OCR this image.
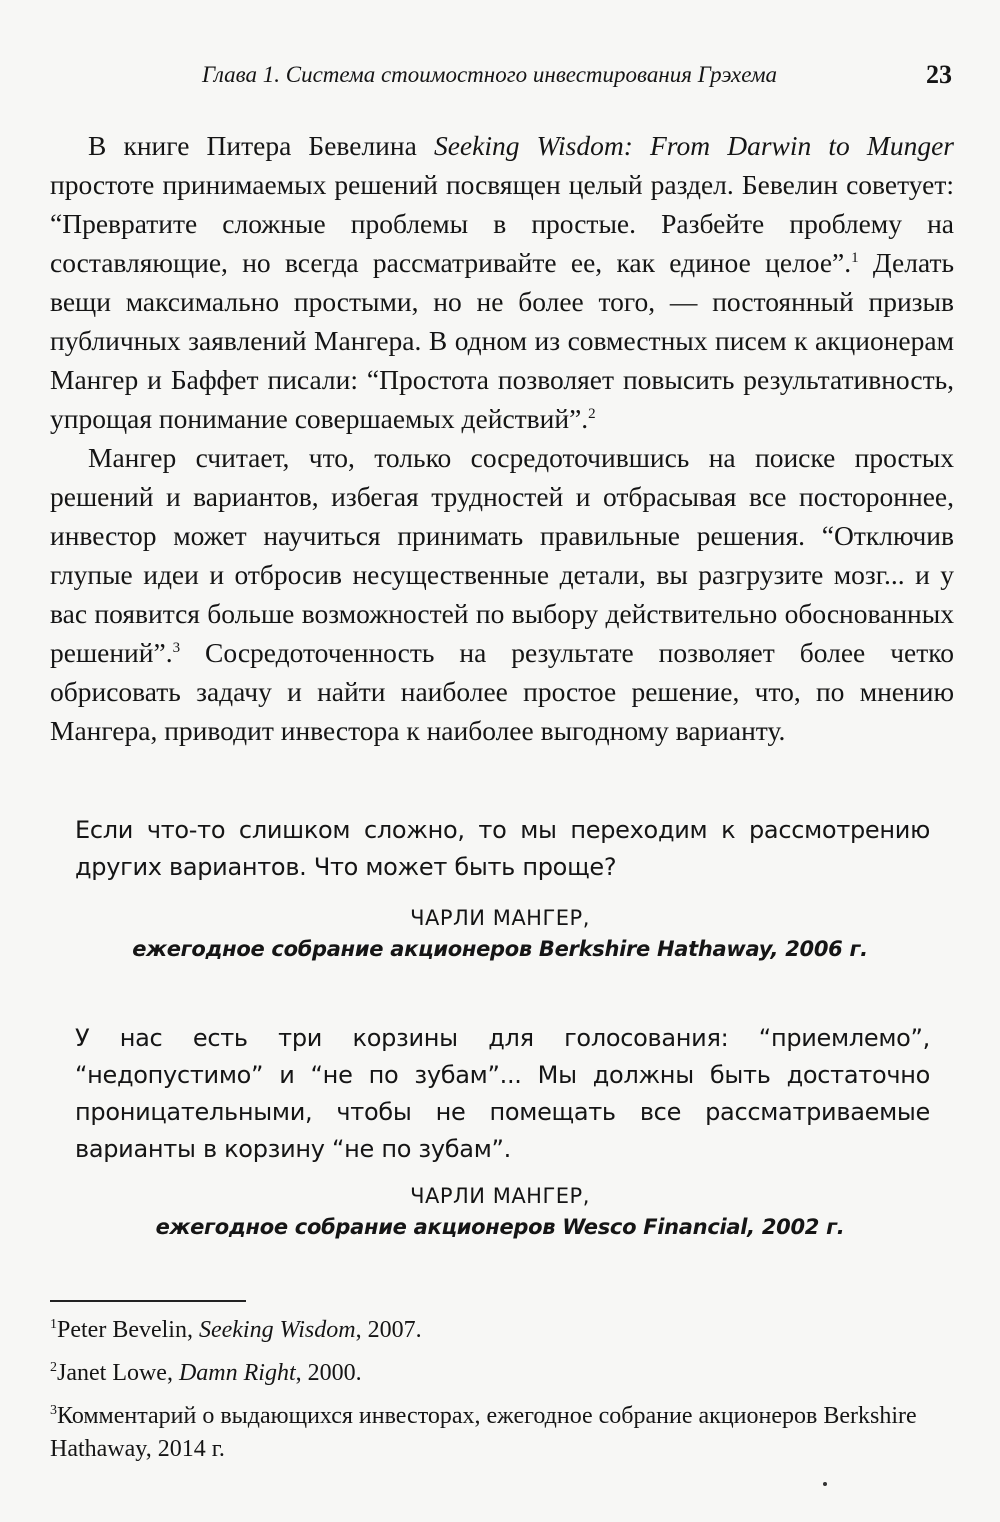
Глава 1. Система стоимостного инвестирования Грэхема	23

В книге Питера Бевелина Seeking Wisdom: From Darwin to Munger простоте принимаемых решений посвящен целый раздел. Бевелин советует: “Превратите сложные проблемы в простые. Разбейте проблему на составляющие, но всегда рассматривайте ее, как единое целое”.$^1$ Делать вещи максимально простыми, но не более того, — постоянный призыв публичных заявлений Мангера. В одном из совместных писем к акционерам Мангер и Баффет писали: “Простота позволяет повысить результативность, упрощая понимание совершаемых действий”.$^2$

Мангер считает, что, только сосредоточившись на поиске простых решений и вариантов, избегая трудностей и отбрасывая все постороннее, инвестор может научиться принимать правильные решения. “Отключив глупые идеи и отбросив несущественные детали, вы разгрузите мозг... и у вас появится больше возможностей по выбору действительно обоснованных решений”.$^3$ Сосредоточенность на результате позволяет более четко обрисовать задачу и найти наиболее простое решение, что, по мнению Мангера, приводит инвестора к наиболее выгодному варианту.

Если что-то слишком сложно, то мы переходим к рассмотрению других вариантов. Что может быть проще?
ЧАРЛИ МАНГЕР,
ежегодное собрание акционеров Berkshire Hathaway, 2006 г.
У нас есть три корзины для голосования: “приемлемо”, “недопустимо” и “не по зубам”... Мы должны быть достаточно проницательными, чтобы не помещать все рассматриваемые варианты в корзину “не по зубам”.
ЧАРЛИ МАНГЕР,
ежегодное собрание акционеров Wesco Financial, 2002 г.

$^1$Peter Bevelin, Seeking Wisdom, 2007.

$^2$Janet Lowe, Damn Right, 2000.

$^3$Комментарий о выдающихся инвесторах, ежегодное собрание акционеров Berkshire Hathaway, 2014 г.
